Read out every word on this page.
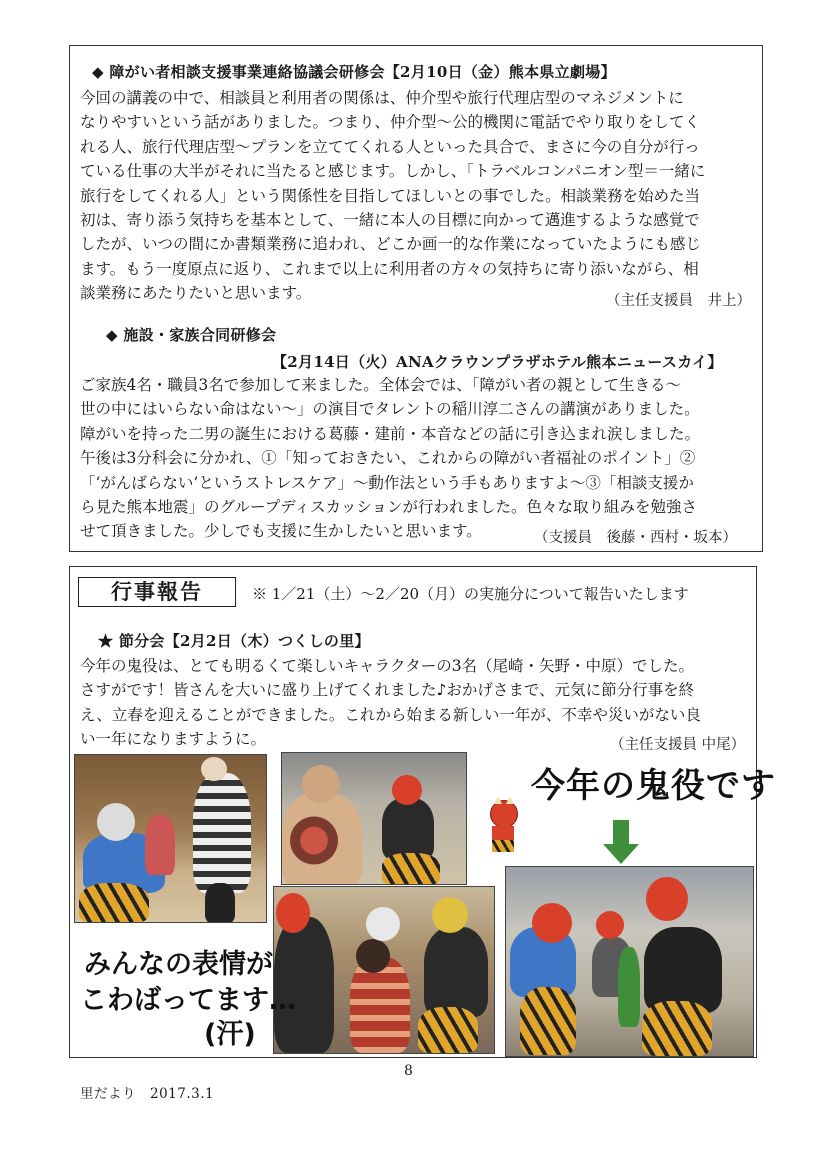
◆ 障がい者相談支援事業連絡協議会研修会【2月10日（金）熊本県立劇場】
今回の講義の中で、相談員と利用者の関係は、仲介型や旅行代理店型のマネジメントに
なりやすいという話がありました。つまり、仲介型～公的機関に電話でやり取りをしてく
れる人、旅行代理店型～プランを立ててくれる人といった具合で、まさに今の自分が行っ
ている仕事の大半がそれに当たると感じます。しかし、「トラベルコンパニオン型＝一緒に
旅行をしてくれる人」という関係性を目指してほしいとの事でした。相談業務を始めた当
初は、寄り添う気持ちを基本として、一緒に本人の目標に向かって邁進するような感覚で
したが、いつの間にか書類業務に追われ、どこか画一的な作業になっていたようにも感じ
ます。もう一度原点に返り、これまで以上に利用者の方々の気持ちに寄り添いながら、相
談業務にあたりたいと思います。	（主任支援員　井上）
◆ 施設・家族合同研修会
【2月14日（火）ANAクラウンプラザホテル熊本ニュースカイ】
ご家族4名・職員3名で参加して来ました。全体会では、「障がい者の親として生きる～
世の中にはいらない命はない～」の演目でタレントの稲川淳二さんの講演がありました。
障がいを持った二男の誕生における葛藤・建前・本音などの話に引き込まれ涙しました。
午後は3分科会に分かれ、①「知っておきたい、これからの障がい者福祉のポイント」②
「‘がんばらない’というストレスケア」～動作法という手もありますよ～③「相談支援か
ら見た熊本地震」のグループディスカッションが行われました。色々な取り組みを勉強さ
せて頂きました。少しでも支援に生かしたいと思います。	（支援員　後藤・西村・坂本）
行事報告	※ 1／21（土）～2／20（月）の実施分について報告いたします
★ 節分会【2月2日（木）つくしの里】
今年の鬼役は、とても明るくて楽しいキャラクターの3名（尾崎・矢野・中原）でした。
さすがです！皆さんを大いに盛り上げてくれました♪おかげさまで、元気に節分行事を終
え、立春を迎えることができました。これから始まる新しい一年が、不幸や災いがない良
い一年になりますように。	（主任支援員 中尾）
今年の鬼役です
みんなの表情が
こわばってます…
(汗)
8
里だより　2017.3.1
